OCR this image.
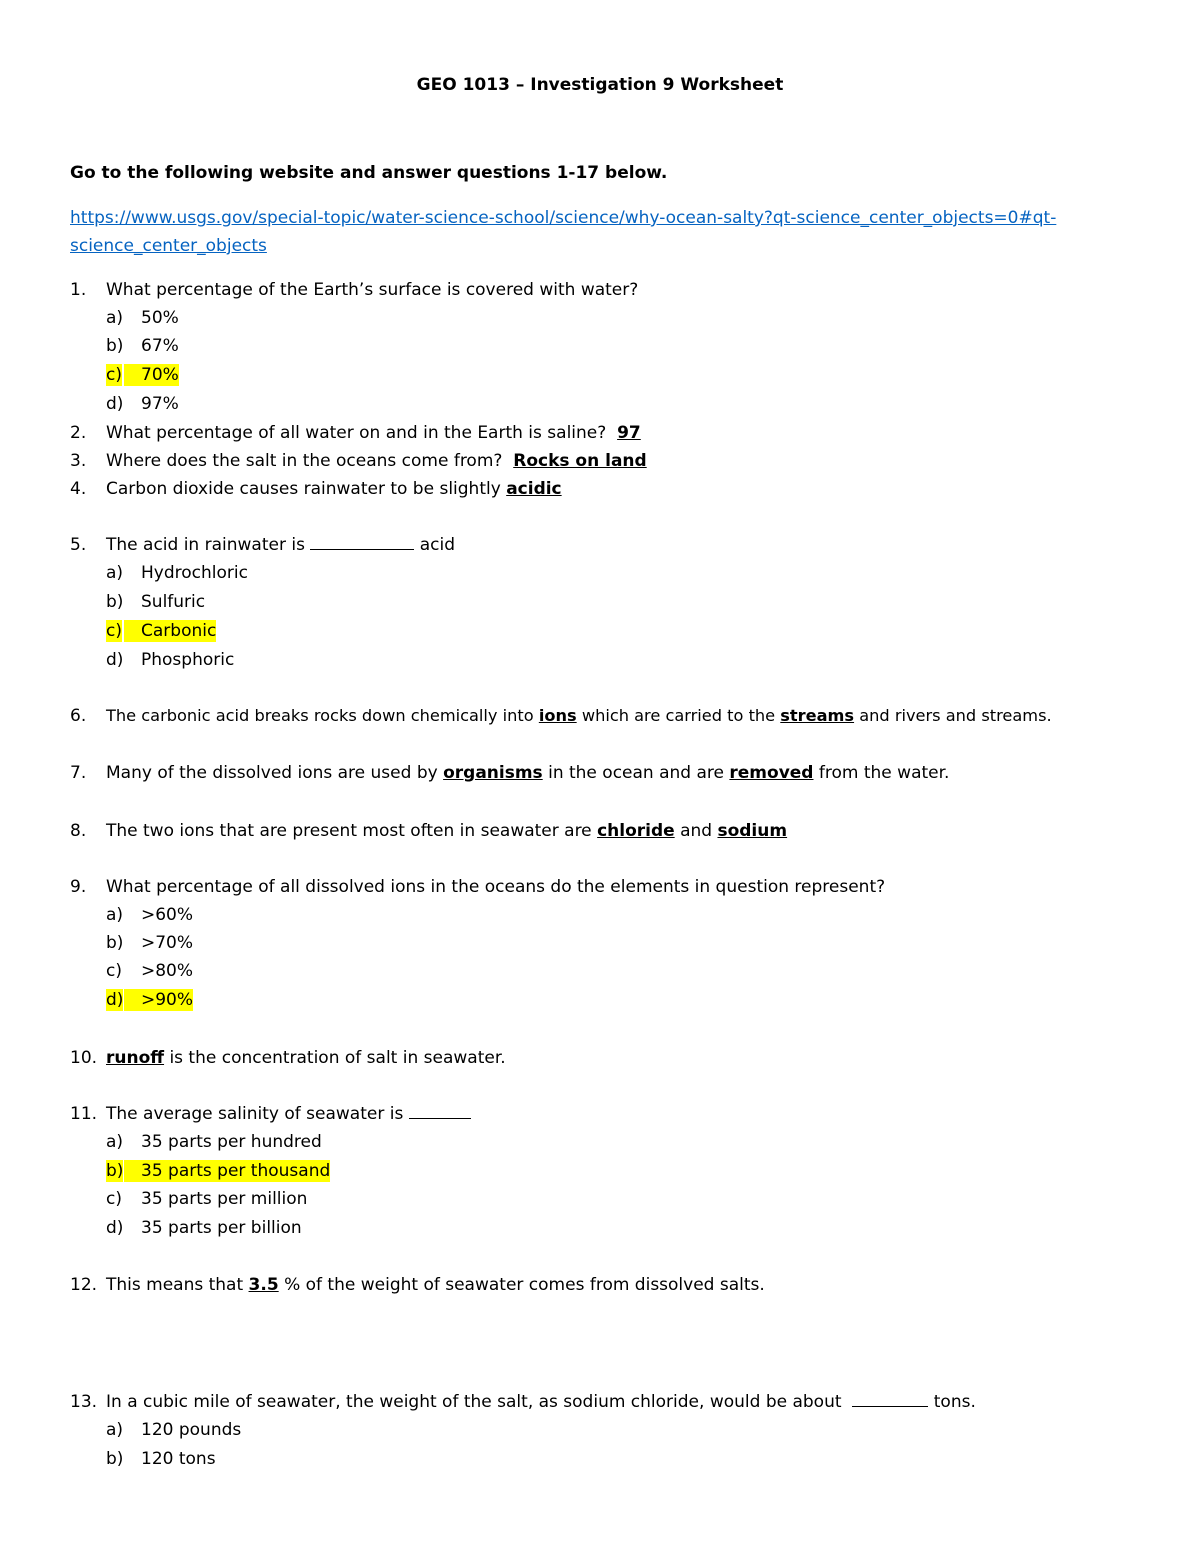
GEO 1013 – Investigation 9 Worksheet
Go to the following website and answer questions 1-17 below.
https://www.usgs.gov/special-topic/water-science-school/science/why-ocean-salty?qt-science_center_objects=0#qt-
science_center_objects
1. What percentage of the Earth’s surface is covered with water?
a) 50%
b) 67%
c)
70%
d) 97%
2. What percentage of all water on and in the Earth is saline? 97
3. Where does the salt in the oceans come from? Rocks on land
4. Carbon dioxide causes rainwater to be slightly acidic
5. The acid in rainwater is	acid
a) Hydrochloric
b) Sulfuric
c)
Carbonic
d) Phosphoric
6. The carbonic acid breaks rocks down chemically into ions which are carried to the streams and rivers and streams.
7. Many of the dissolved ions are used by organisms in the ocean and are removed from the water.
8. The two ions that are present most often in seawater are chloride and sodium
9. What percentage of all dissolved ions in the oceans do the elements in question represent?
a) >60%
b) >70%
c) >80%
d)
>90%
10. runoff is the concentration of salt in seawater.
11. The average salinity of seawater is
a) 35 parts per hundred
b)
35 parts per thousand
c) 35 parts per million
d) 35 parts per billion
12. This means that 3.5 % of the weight of seawater comes from dissolved salts.
13. In a cubic mile of seawater, the weight of the salt, as sodium chloride, would be about	tons.
a) 120 pounds
b) 120 tons
